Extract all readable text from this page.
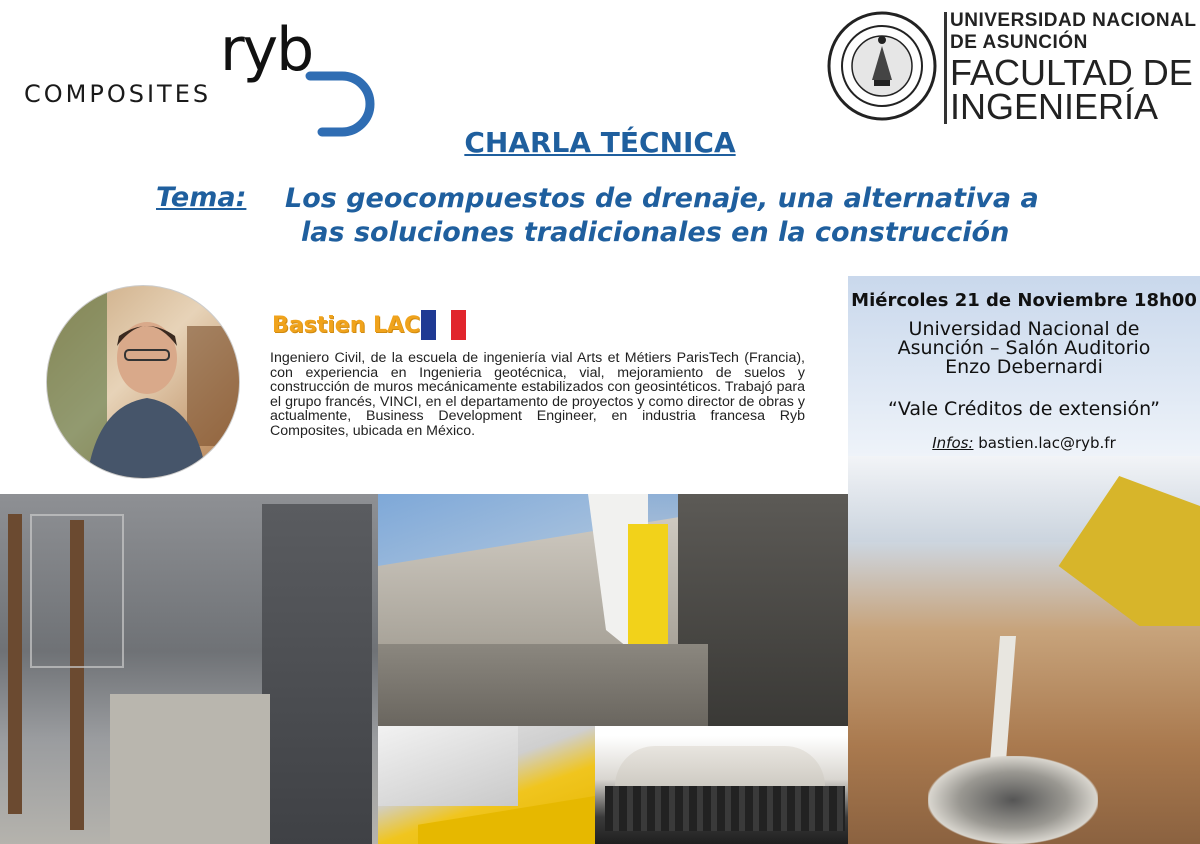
ryb
COMPOSITES
UNIVERSIDAD NACIONAL
DE ASUNCIÓN
FACULTAD DE
INGENIERÍA
CHARLA TÉCNICA
Tema: Los geocompuestos de drenaje, una alternativa a
las soluciones tradicionales en la construcción
Bastien LAC
Ingeniero Civil, de la escuela de ingeniería vial Arts et Métiers ParisTech (Francia), con experiencia en Ingenieria geotécnica, vial, mejoramiento de suelos y construcción de muros mecánicamente estabilizados con geosintéticos. Trabajó para el grupo francés, VINCI, en el departamento de proyectos y como director de obras y actualmente, Business Development Engineer, en industria francesa Ryb Composites, ubicada en México.
Miércoles 21 de Noviembre 18h00
Universidad Nacional de
Asunción – Salón Auditorio
Enzo Debernardi
“Vale Créditos de extensión”
Infos: bastien.lac@ryb.fr
